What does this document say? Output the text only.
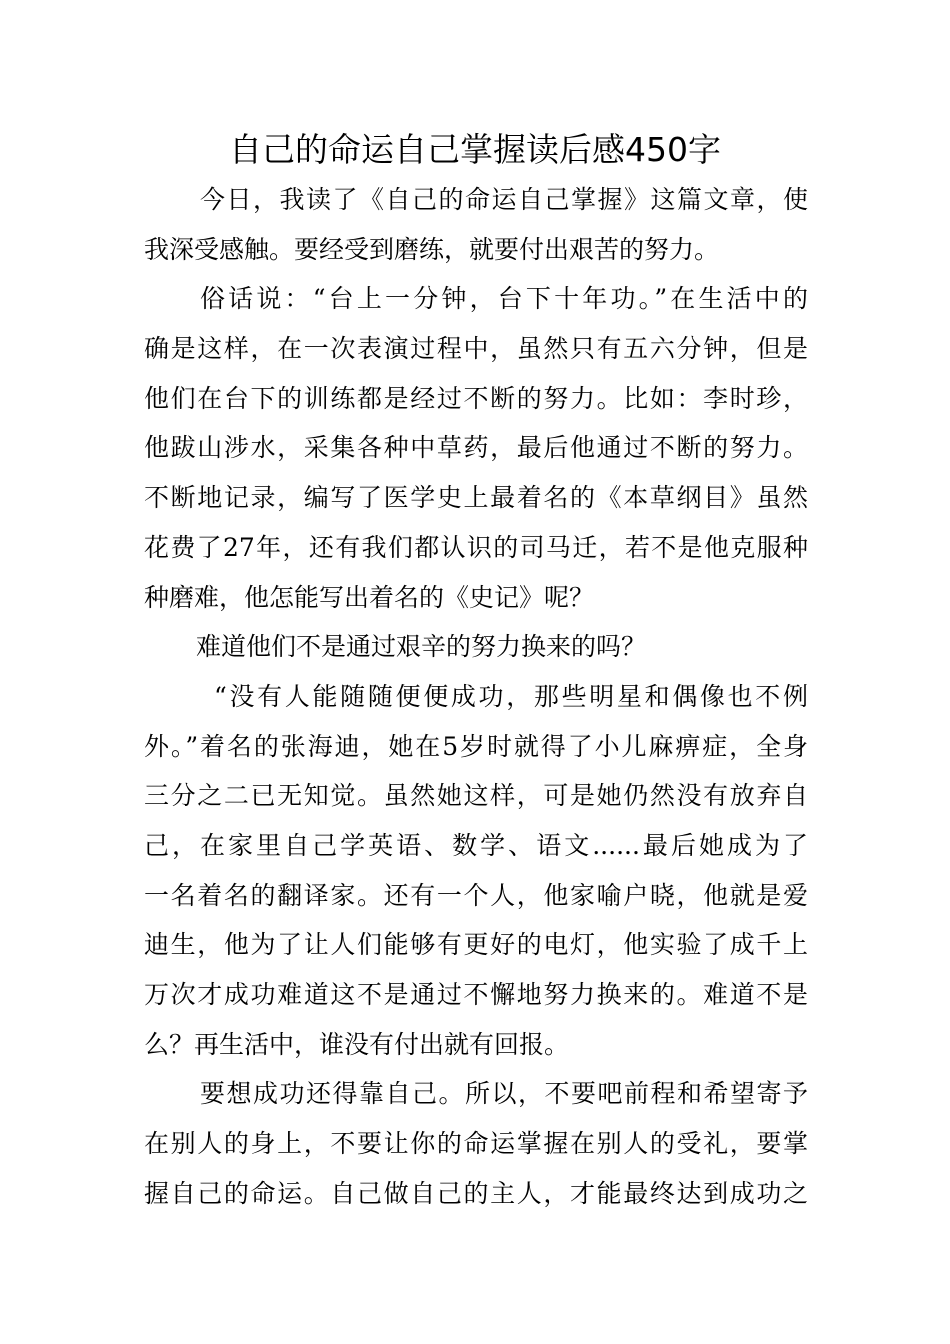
自己的命运自己掌握读后感450字
今日，我读了《自己的命运自己掌握》这篇文章，使
我深受感触。要经受到磨练，就要付出艰苦的努力。
俗话说：“台上一分钟，台下十年功。”在生活中的
确是这样，在一次表演过程中，虽然只有五六分钟，但是
他们在台下的训练都是经过不断的努力。比如：李时珍，
他跋山涉水，采集各种中草药，最后他通过不断的努力。
不断地记录，编写了医学史上最着名的《本草纲目》虽然
花费了27年，还有我们都认识的司马迁，若不是他克服种
种磨难，他怎能写出着名的《史记》呢？
难道他们不是通过艰辛的努力换来的吗？
“没有人能随随便便成功，那些明星和偶像也不例
外。”着名的张海迪，她在5岁时就得了小儿麻痹症，全身
三分之二已无知觉。虽然她这样，可是她仍然没有放弃自
己，在家里自己学英语、数学、语文......最后她成为了
一名着名的翻译家。还有一个人，他家喻户晓，他就是爱
迪生，他为了让人们能够有更好的电灯，他实验了成千上
万次才成功难道这不是通过不懈地努力换来的。难道不是
么？再生活中，谁没有付出就有回报。
要想成功还得靠自己。所以，不要吧前程和希望寄予
在别人的身上，不要让你的命运掌握在别人的受礼，要掌
握自己的命运。自己做自己的主人，才能最终达到成功之
